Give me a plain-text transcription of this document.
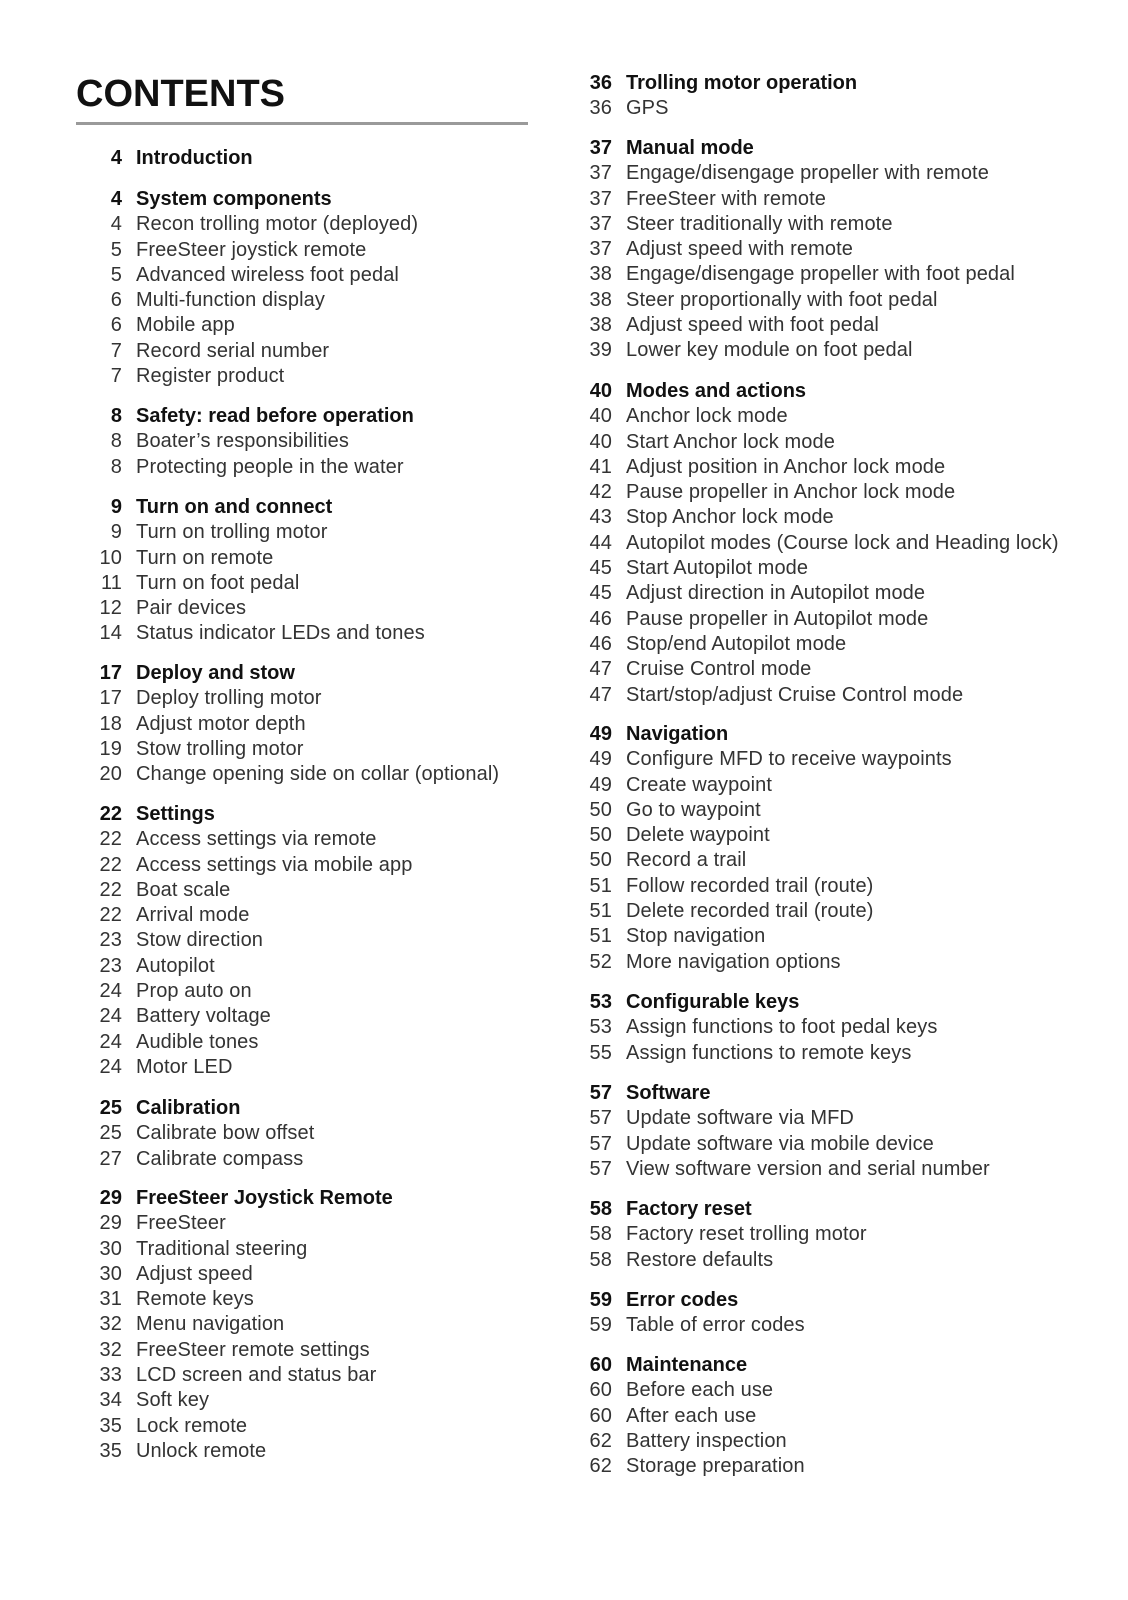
CONTENTS
4 Introduction
4 System components
4 Recon trolling motor (deployed)
5 FreeSteer joystick remote
5 Advanced wireless foot pedal
6 Multi-function display
6 Mobile app
7 Record serial number
7 Register product
8 Safety: read before operation
8 Boater’s responsibilities
8 Protecting people in the water
9 Turn on and connect
9 Turn on trolling motor
10 Turn on remote
11 Turn on foot pedal
12 Pair devices
14 Status indicator LEDs and tones
17 Deploy and stow
17 Deploy trolling motor
18 Adjust motor depth
19 Stow trolling motor
20 Change opening side on collar (optional)
22 Settings
22 Access settings via remote
22 Access settings via mobile app
22 Boat scale
22 Arrival mode
23 Stow direction
23 Autopilot
24 Prop auto on
24 Battery voltage
24 Audible tones
24 Motor LED
25 Calibration
25 Calibrate bow offset
27 Calibrate compass
29 FreeSteer Joystick Remote
29 FreeSteer
30 Traditional steering
30 Adjust speed
31 Remote keys
32 Menu navigation
32 FreeSteer remote settings
33 LCD screen and status bar
34 Soft key
35 Lock remote
35 Unlock remote
36 Trolling motor operation
36 GPS
37 Manual mode
37 Engage/disengage propeller with remote
37 FreeSteer with remote
37 Steer traditionally with remote
37 Adjust speed with remote
38 Engage/disengage propeller with foot pedal
38 Steer proportionally with foot pedal
38 Adjust speed with foot pedal
39 Lower key module on foot pedal
40 Modes and actions
40 Anchor lock mode
40 Start Anchor lock mode
41 Adjust position in Anchor lock mode
42 Pause propeller in Anchor lock mode
43 Stop Anchor lock mode
44 Autopilot modes (Course lock and Heading lock)
45 Start Autopilot mode
45 Adjust direction in Autopilot mode
46 Pause propeller in Autopilot mode
46 Stop/end Autopilot mode
47 Cruise Control mode
47 Start/stop/adjust Cruise Control mode
49 Navigation
49 Configure MFD to receive waypoints
49 Create waypoint
50 Go to waypoint
50 Delete waypoint
50 Record a trail
51 Follow recorded trail (route)
51 Delete recorded trail (route)
51 Stop navigation
52 More navigation options
53 Configurable keys
53 Assign functions to foot pedal keys
55 Assign functions to remote keys
57 Software
57 Update software via MFD
57 Update software via mobile device
57 View software version and serial number
58 Factory reset
58 Factory reset trolling motor
58 Restore defaults
59 Error codes
59 Table of error codes
60 Maintenance
60 Before each use
60 After each use
62 Battery inspection
62 Storage preparation
